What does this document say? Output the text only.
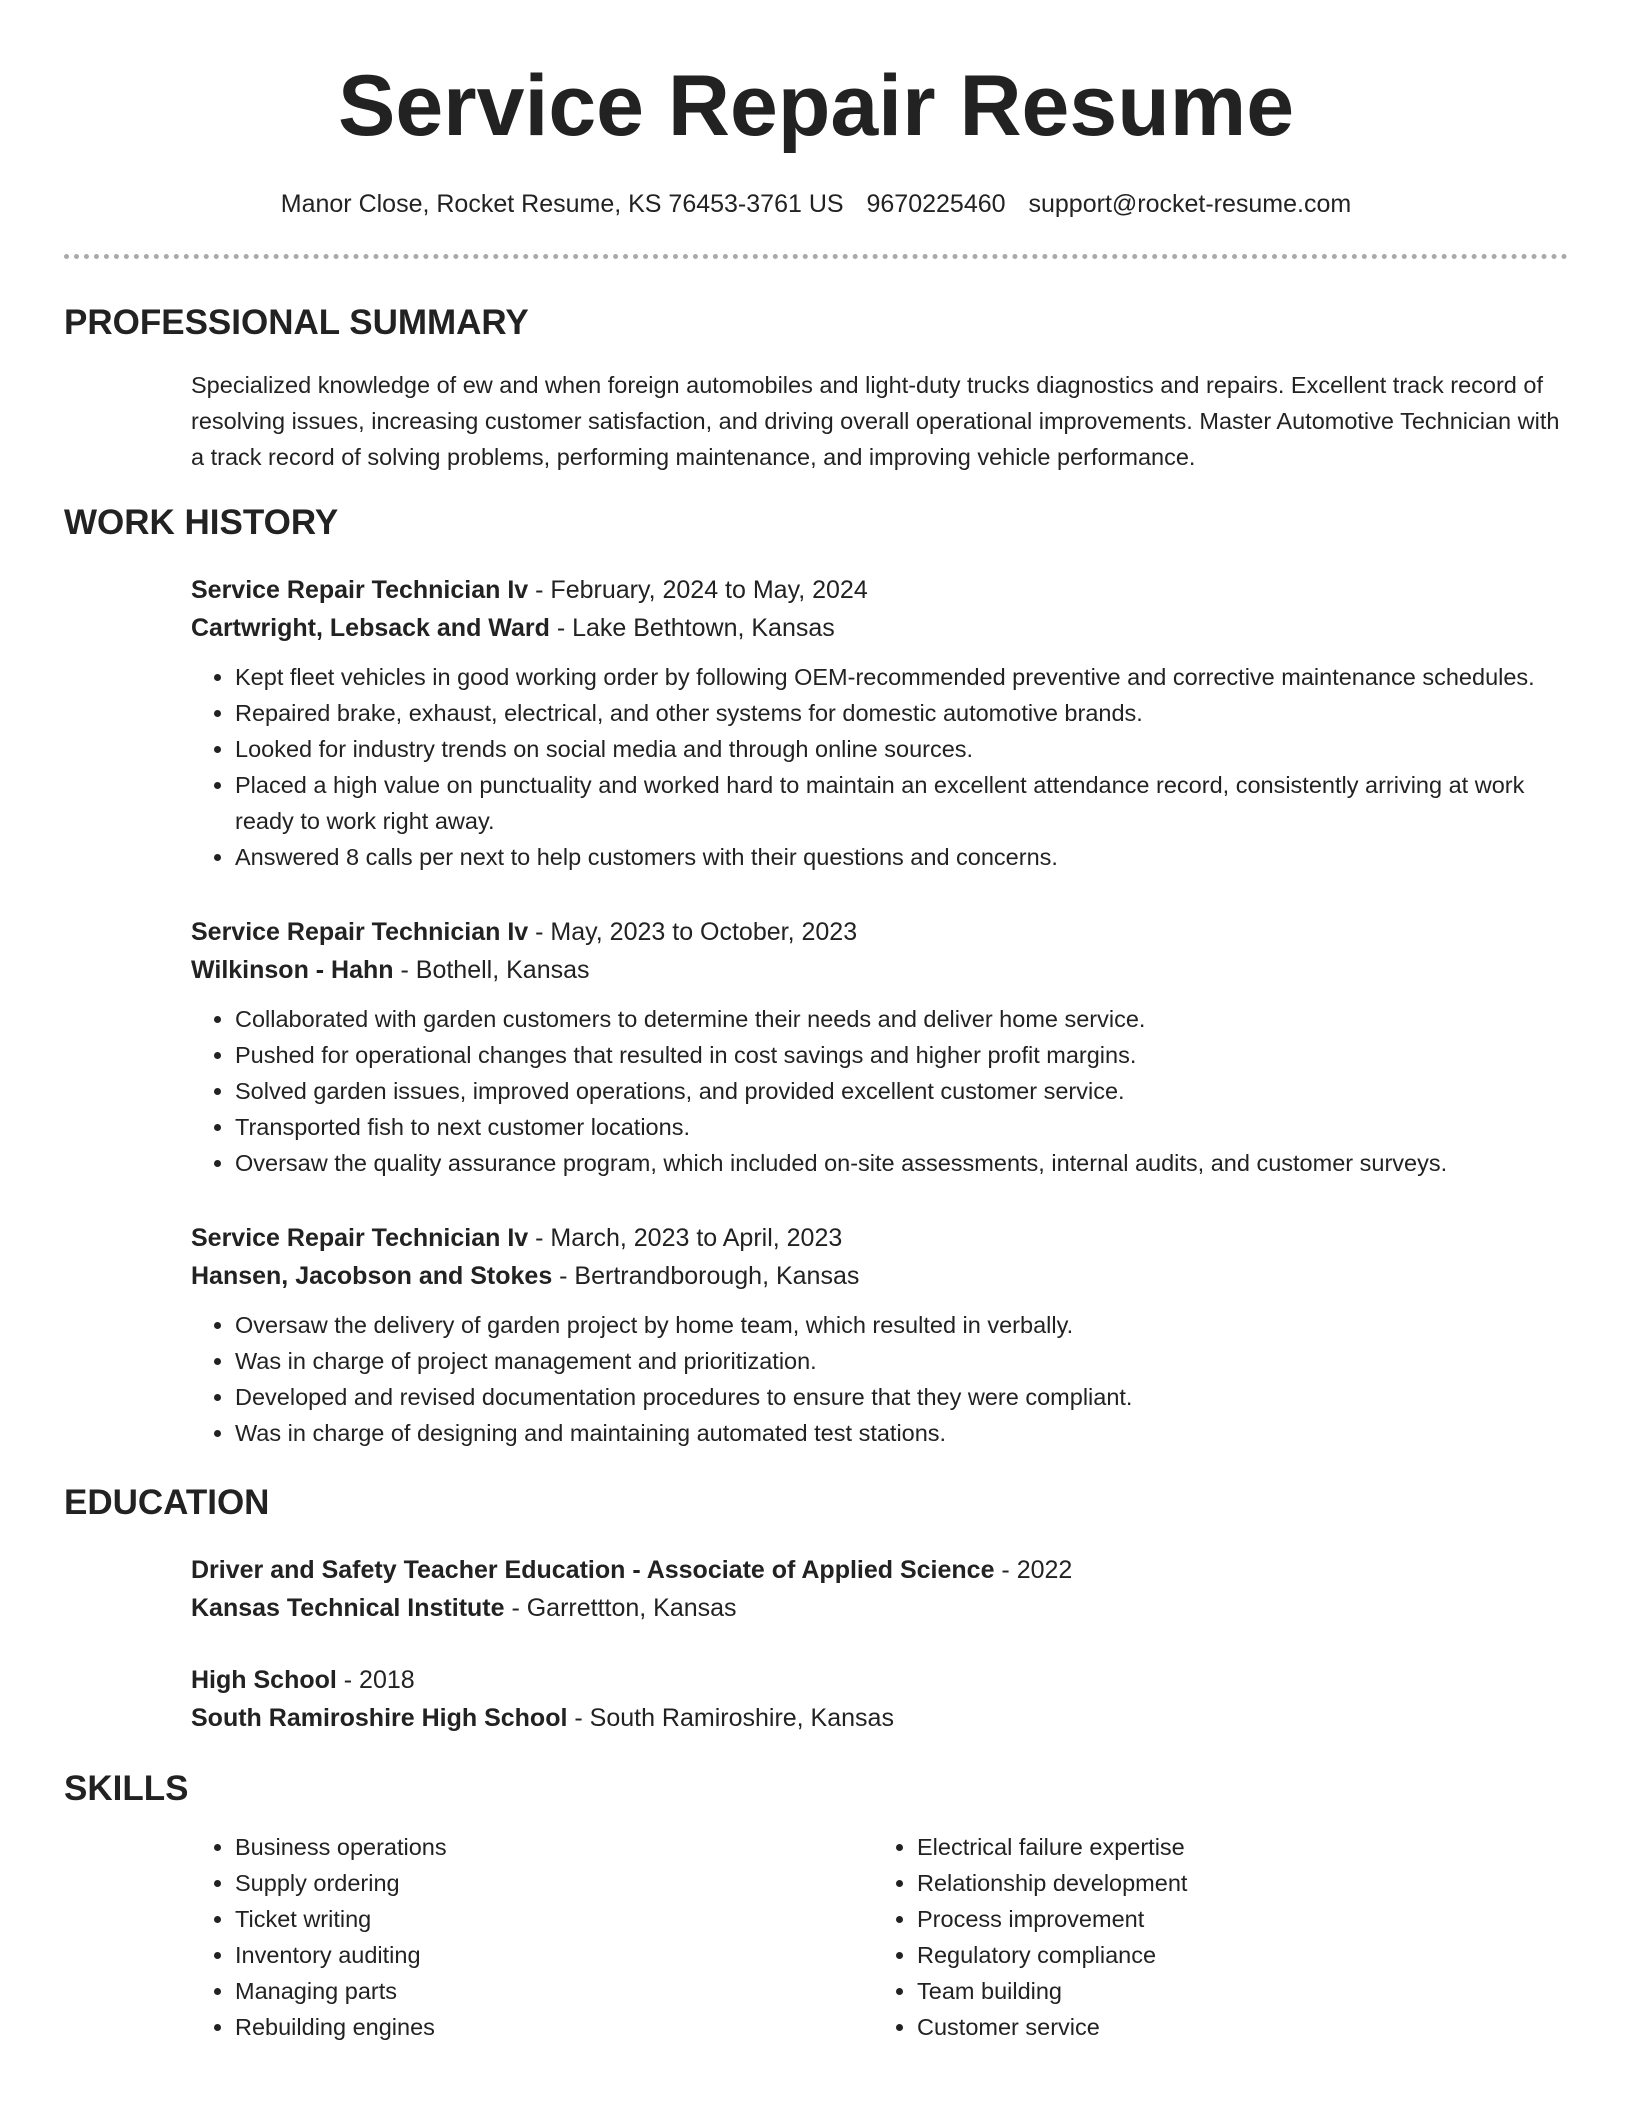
Service Repair Resume
Manor Close, Rocket Resume, KS 76453-3761 US 9670225460 support@rocket-resume.com
PROFESSIONAL SUMMARY

Specialized knowledge of ew and when foreign automobiles and light-duty trucks diagnostics and repairs. Excellent track record of resolving issues, increasing customer satisfaction, and driving overall operational improvements. Master Automotive Technician with a track record of solving problems, performing maintenance, and improving vehicle performance.

WORK HISTORY

Service Repair Technician Iv - February, 2024 to May, 2024

Cartwright, Lebsack and Ward - Lake Bethtown, Kansas

• Kept fleet vehicles in good working order by following OEM-recommended preventive and corrective maintenance schedules.
• Repaired brake, exhaust, electrical, and other systems for domestic automotive brands.
• Looked for industry trends on social media and through online sources.
• Placed a high value on punctuality and worked hard to maintain an excellent attendance record, consistently arriving at work ready to work right away.
• Answered 8 calls per next to help customers with their questions and concerns.

Service Repair Technician Iv - May, 2023 to October, 2023

Wilkinson - Hahn - Bothell, Kansas

• Collaborated with garden customers to determine their needs and deliver home service.
• Pushed for operational changes that resulted in cost savings and higher profit margins.
• Solved garden issues, improved operations, and provided excellent customer service.
• Transported fish to next customer locations.
• Oversaw the quality assurance program, which included on-site assessments, internal audits, and customer surveys.

Service Repair Technician Iv - March, 2023 to April, 2023

Hansen, Jacobson and Stokes - Bertrandborough, Kansas

• Oversaw the delivery of garden project by home team, which resulted in verbally.
• Was in charge of project management and prioritization.
• Developed and revised documentation procedures to ensure that they were compliant.
• Was in charge of designing and maintaining automated test stations.
EDUCATION

Driver and Safety Teacher Education - Associate of Applied Science - 2022

Kansas Technical Institute - Garrettton, Kansas

High School - 2018

South Ramiroshire High School - South Ramiroshire, Kansas

SKILLS
• Business operations
• Supply ordering
• Ticket writing
• Inventory auditing
• Managing parts
• Rebuilding engines
• Electrical failure expertise
• Relationship development
• Process improvement
• Regulatory compliance
• Team building
• Customer service
